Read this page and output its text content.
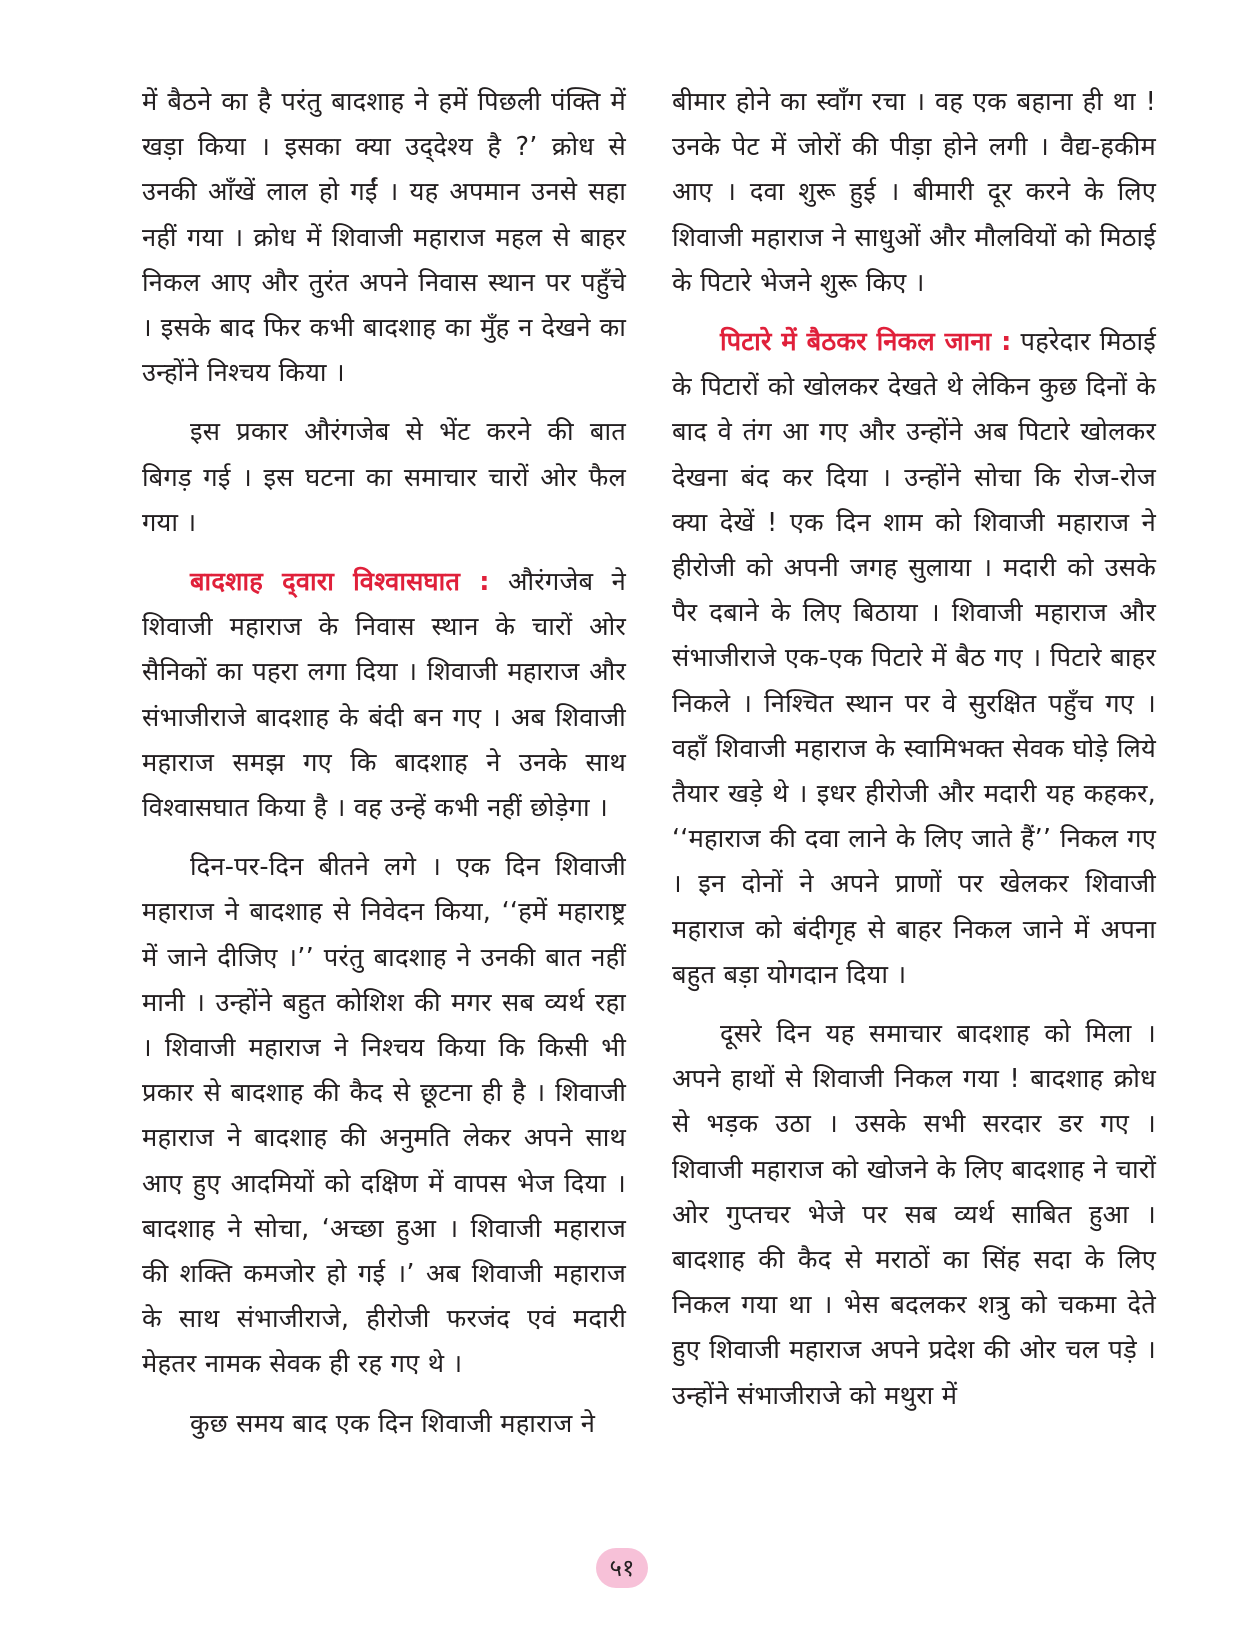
में बैठने का है परंतु बादशाह ने हमें पिछली पंक्ति में खड़ा किया । इसका क्या उद्‌देश्य है ?’ क्रोध से उनकी आँखें लाल हो गईं । यह अपमान उनसे सहा नहीं गया । क्रोध में शिवाजी महाराज महल से बाहर निकल आए और तुरंत अपने निवास स्थान पर पहुँचे । इसके बाद फिर कभी बादशाह का मुँह न देखने का उन्होंने निश्चय किया ।

इस प्रकार औरंगजेब से भेंट करने की बात बिगड़ गई । इस घटना का समाचार चारों ओर फैल गया ।

बादशाह द्‌वारा विश्वासघात : औरंगजेब ने शिवाजी महाराज के निवास स्थान के चारों ओर सैनिकों का पहरा लगा दिया । शिवाजी महाराज और संभाजीराजे बादशाह के बंदी बन गए । अब शिवाजी महाराज समझ गए कि बादशाह ने उनके साथ विश्वासघात किया है । वह उन्हें कभी नहीं छोड़ेगा ।

दिन-पर-दिन बीतने लगे । एक दिन शिवाजी महाराज ने बादशाह से निवेदन किया, ‘‘हमें महाराष्ट्र में जाने दीजिए ।’’ परंतु बादशाह ने उनकी बात नहीं मानी । उन्होंने बहुत कोशिश की मगर सब व्यर्थ रहा । शिवाजी महाराज ने निश्चय किया कि किसी भी प्रकार से बादशाह की कैद से छूटना ही है । शिवाजी महाराज ने बादशाह की अनुमति लेकर अपने साथ आए हुए आदमियों को दक्षिण में वापस भेज दिया । बादशाह ने सोचा, ‘अच्छा हुआ । शिवाजी महाराज की शक्ति कमजोर हो गई ।’ अब शिवाजी महाराज के साथ संभाजीराजे, हीरोजी फरजंद एवं मदारी मेहतर नामक सेवक ही रह गए थे ।

कुछ समय बाद एक दिन शिवाजी महाराज ने

बीमार होने का स्वाँग रचा । वह एक बहाना ही था ! उनके पेट में जोरों की पीड़ा होने लगी । वैद्य-हकीम आए । दवा शुरू हुई । बीमारी दूर करने के लिए शिवाजी महाराज ने साधुओं और मौलवियों को मिठाई के पिटारे भेजने शुरू किए ।

पिटारे में बैठकर निकल जाना : पहरेदार मिठाई के पिटारों को खोलकर देखते थे लेकिन कुछ दिनों के बाद वे तंग आ गए और उन्होंने अब पिटारे खोलकर देखना बंद कर दिया । उन्होंने सोचा कि रोज-रोज क्या देखें ! एक दिन शाम को शिवाजी महाराज ने हीरोजी को अपनी जगह सुलाया । मदारी को उसके पैर दबाने के लिए बिठाया । शिवाजी महाराज और संभाजीराजे एक-एक पिटारे में बैठ गए । पिटारे बाहर निकले । निश्चित स्थान पर वे सुरक्षित पहुँच गए । वहाँ शिवाजी महाराज के स्वामिभक्त सेवक घोड़े लिये तैयार खड़े थे । इधर हीरोजी और मदारी यह कहकर, ‘‘महाराज की दवा लाने के लिए जाते हैं’’ निकल गए । इन दोनों ने अपने प्राणों पर खेलकर शिवाजी महाराज को बंदीगृह से बाहर निकल जाने में अपना बहुत बड़ा योगदान दिया ।

दूसरे दिन यह समाचार बादशाह को मिला । अपने हाथों से शिवाजी निकल गया ! बादशाह क्रोध से भड़क उठा । उसके सभी सरदार डर गए । शिवाजी महाराज को खोजने के लिए बादशाह ने चारों ओर गुप्तचर भेजे पर सब व्यर्थ साबित हुआ । बादशाह की कैद से मराठों का सिंह सदा के लिए निकल गया था । भेस बदलकर शत्रु को चकमा देते हुए शिवाजी महाराज अपने प्रदेश की ओर चल पड़े । उन्होंने संभाजीराजे को मथुरा में

५१
